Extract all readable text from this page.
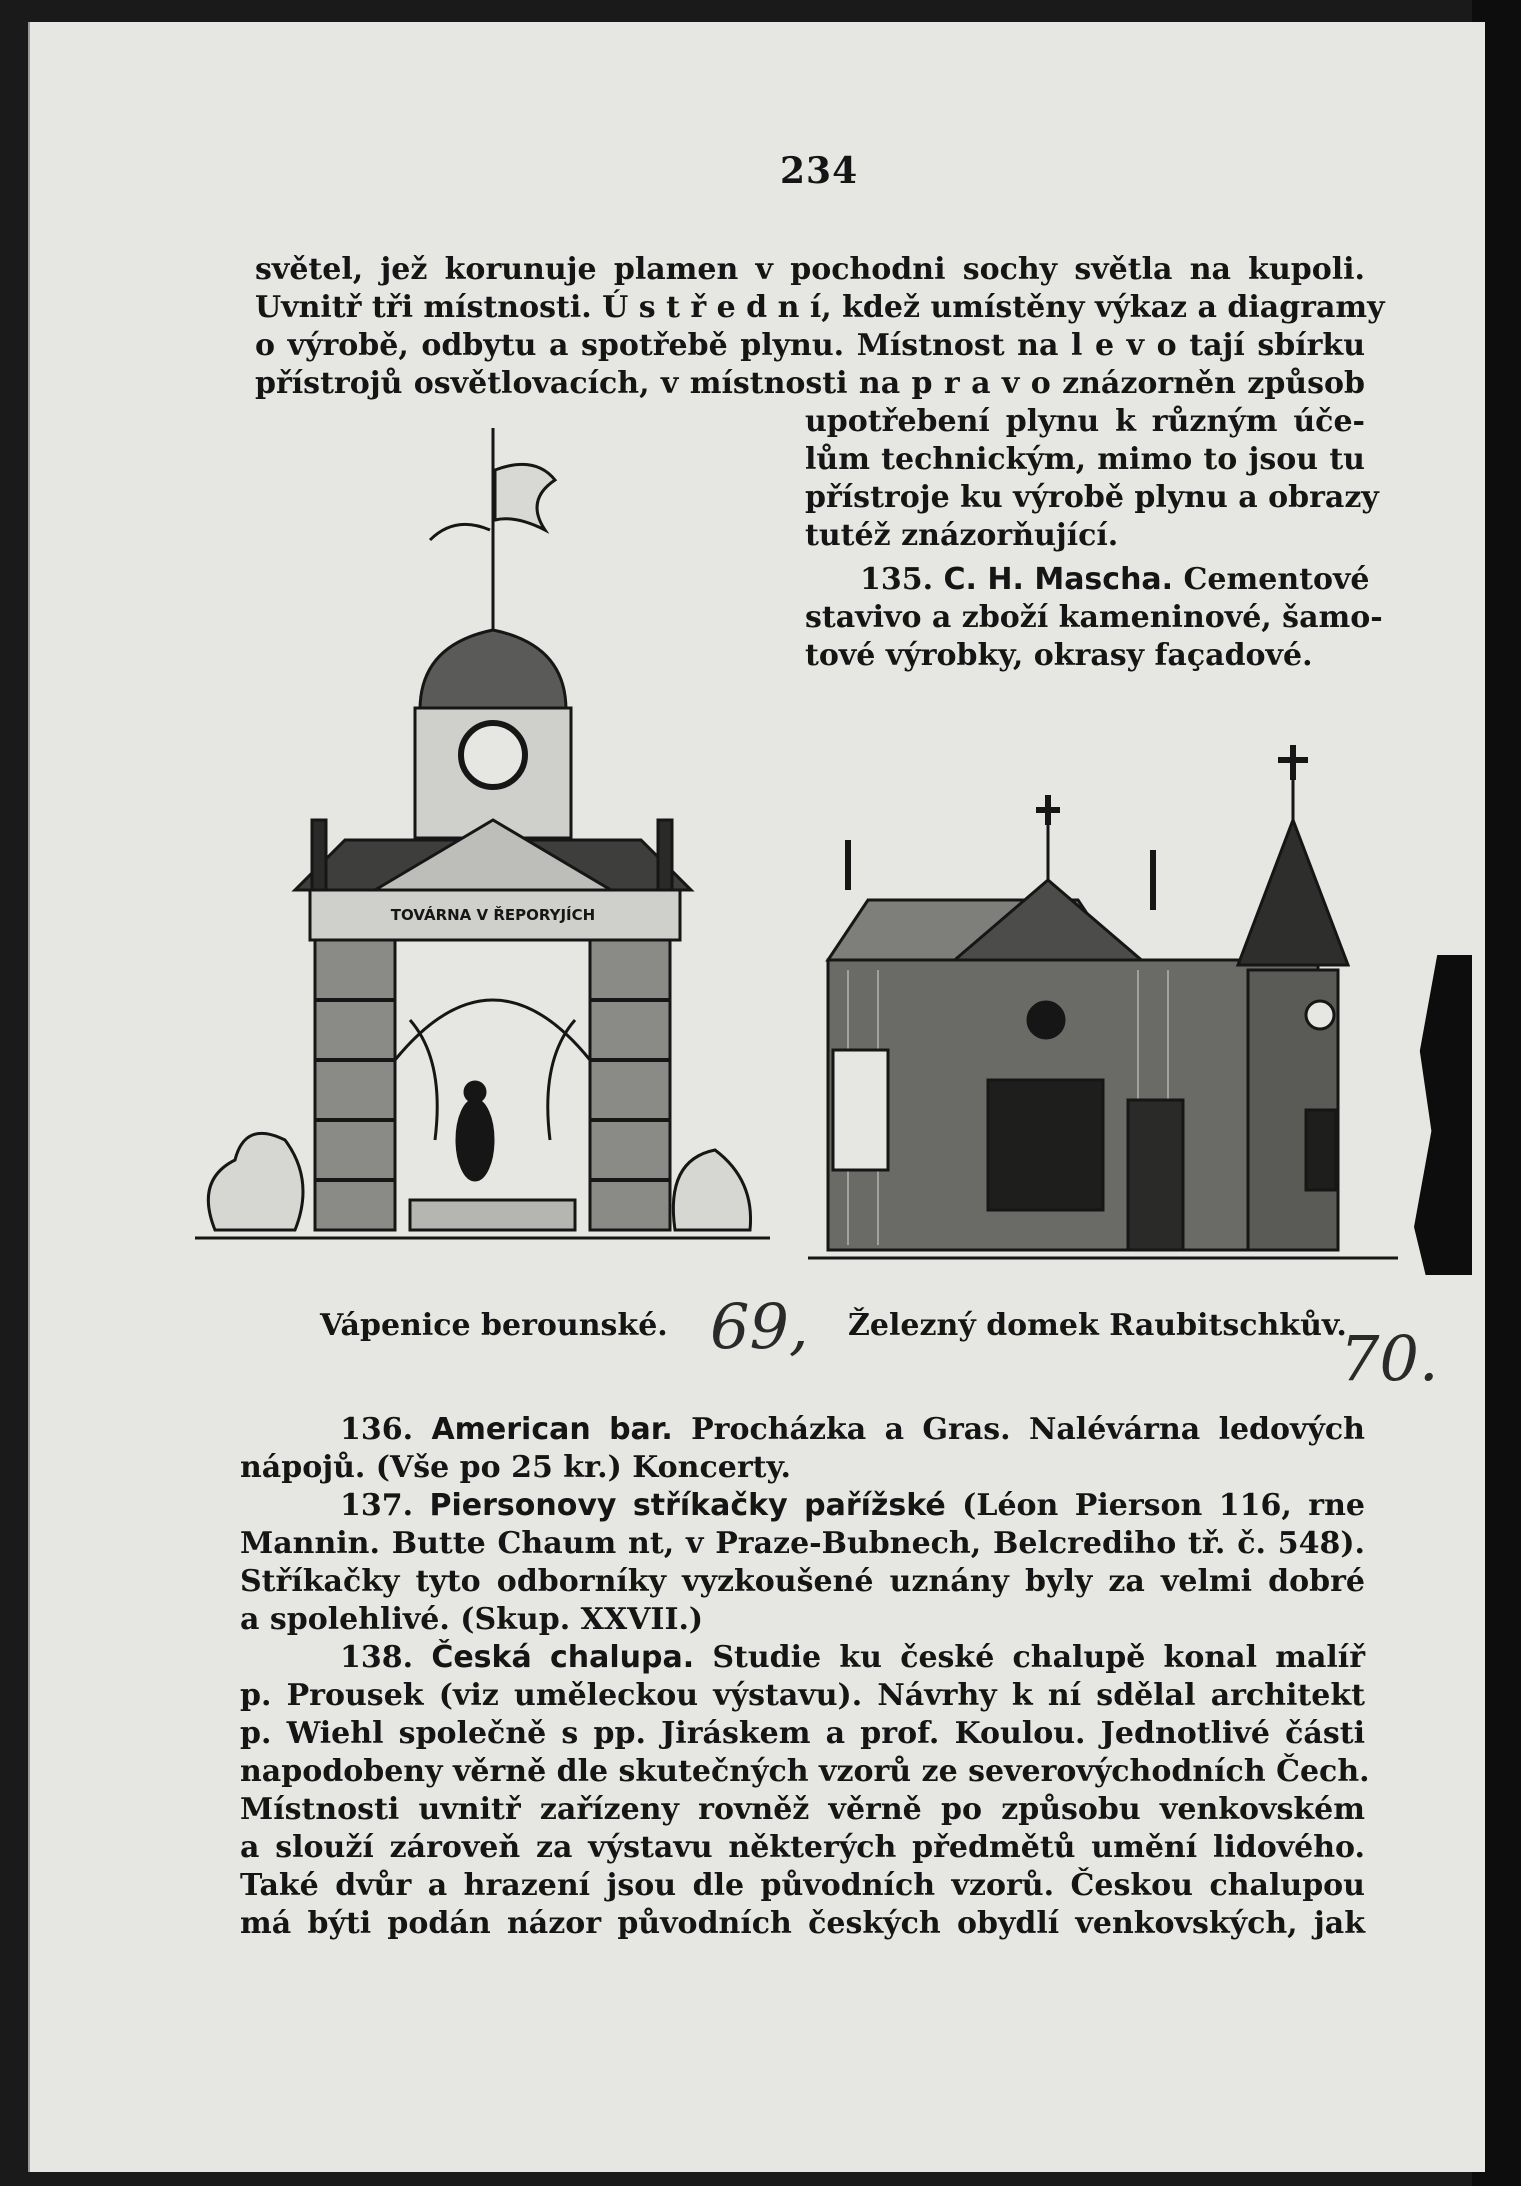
234

světel, jež korunuje plamen v pochodni sochy světla na kupoli.

Uvnitř tři místnosti. Ú s t ř e d n í, kdež umístěny výkaz a diagramy

o výrobě, odbytu a spotřebě plynu. Místnost na l e v o tají sbírku

přístrojů osvětlovacích, v místnosti na p r a v o znázorněn způsob

upotřebení plynu k různým úče-

lům technickým, mimo to jsou tu

přístroje ku výrobě plynu a obrazy

tutéž znázorňující.

135. C. H. Mascha. Cementové

stavivo a zboží kameninové, šamo-

tové výrobky, okrasy façadové.

TOVÁRNA V ŘEPORYJÍCH
Vápenice berounské. 69, Železný domek Raubitschkův.
70.

136. American bar. Procházka a Gras. Nalévárna ledových

nápojů. (Vše po 25 kr.) Koncerty.

137. Piersonovy stříkačky pařížské (Léon Pierson 116, rne

Mannin. Butte Chaum nt, v Praze-Bubnech, Belcrediho tř. č. 548).

Stříkačky tyto odborníky vyzkoušené uznány byly za velmi dobré

a spolehlivé. (Skup. XXVII.)

138. Česká chalupa. Studie ku české chalupě konal malíř

p. Prousek (viz uměleckou výstavu). Návrhy k ní sdělal architekt

p. Wiehl společně s pp. Jiráskem a prof. Koulou. Jednotlivé části

napodobeny věrně dle skutečných vzorů ze severovýchodních Čech.

Místnosti uvnitř zařízeny rovněž věrně po způsobu venkovském

a slouží zároveň za výstavu některých předmětů umění lidového.

Také dvůr a hrazení jsou dle původních vzorů. Českou chalupou

má býti podán názor původních českých obydlí venkovských, jak
